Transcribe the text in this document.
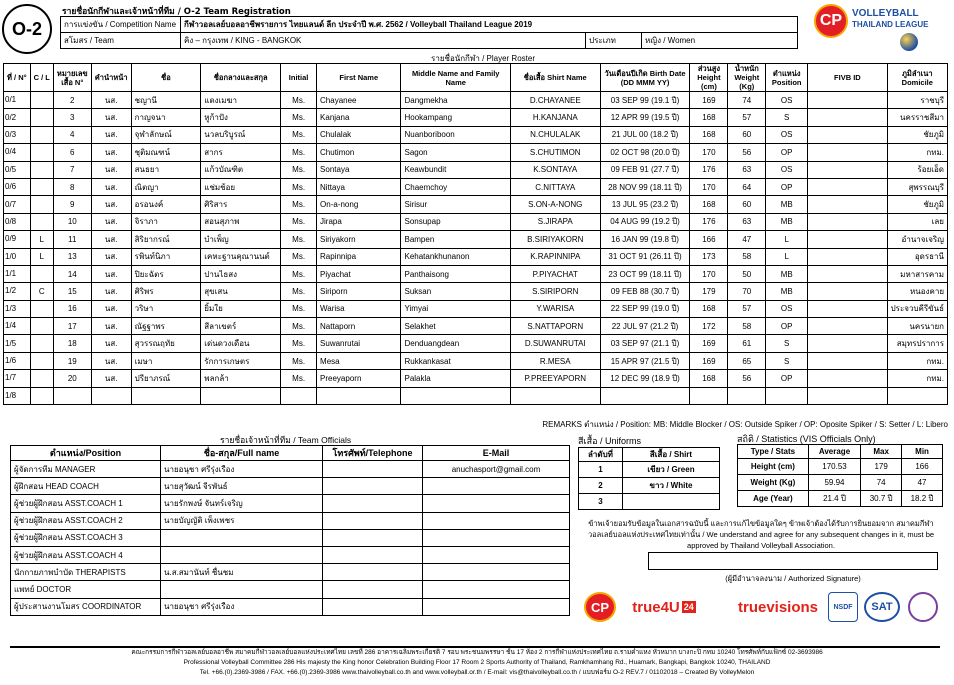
O-2
รายชื่อนักกีฬาและเจ้าหน้าที่ทีม / O-2 Team Registration
การแข่งขัน / Competition Name	กีฬาวอลเลย์บอลอาชีพรายการ ไทยแลนด์ ลีก ประจำปี พ.ศ. 2562 / Volleyball Thailand League 2019		
สโมสร / Team	คิง – กรุงเทพ / KING - BANGKOK	ประเภท	หญิง / Women
CP VOLLEYBALL
THAILAND LEAGUE
รายชื่อนักกีฬา / Player Roster
ที่ / N°	C / L	หมายเลขเสื้อ N°	คำนำหน้า	ชื่อ	ชื่อกลางและสกุล	Initial	First Name	Middle Name and Family Name	ชื่อเสื้อ Shirt Name	วันเดือนปีเกิด Birth Date (DD MMM YY)	ส่วนสูง Height (cm)	น้ำหนัก Weight (Kg)	ตำแหน่ง Position	FIVB ID	ภูมิลำเนา Domicile
0/1		2	นส.	ชญานี	แดงเมฆา	Ms.	Chayanee	Dangmekha	D.CHAYANEE	03 SEP 99 (19.1 ปี)	169	74	OS		ราชบุรี
0/2		3	นส.	กาญจนา	หูก้าปัง	Ms.	Kanjana	Hookampang	H.KANJANA	12 APR 99 (19.5 ปี)	168	57	S		นครราชสีมา
0/3		4	นส.	จุฬาลักษณ์	นวลบริบูรณ์	Ms.	Chulalak	Nuanboriboon	N.CHULALAK	21 JUL 00 (18.2 ปี)	168	60	OS		ชัยภูมิ
0/4		6	นส.	ชุติมณฑน์	สากร	Ms.	Chutimon	Sagon	S.CHUTIMON	02 OCT 98 (20.0 ปี)	170	56	OP		กทม.
0/5		7	นส.	สนธยา	แก้วบัณฑิต	Ms.	Sontaya	Keawbundit	K.SONTAYA	09 FEB 91 (27.7 ปี)	176	63	OS		ร้อยเอ็ด
0/6		8	นส.	ณิตญา	แช่มช้อย	Ms.	Nittaya	Chaemchoy	C.NITTAYA	28 NOV 99 (18.11 ปี)	170	64	OP		สุพรรณบุรี
0/7		9	นส.	อรอนงค์	ศิริสาร	Ms.	On-a-nong	Sirisur	S.ON-A-NONG	13 JUL 95 (23.2 ปี)	168	60	MB		ชัยภูมิ
0/8		10	นส.	จิราภา	สอนสุภาพ	Ms.	Jirapa	Sonsupap	S.JIRAPA	04 AUG 99 (19.2 ปี)	176	63	MB		เลย
0/9	L	11	นส.	สิริยากรณ์	บำเพ็ญ	Ms.	Siriyakorn	Bampen	B.SIRIYAKORN	16 JAN 99 (19.8 ปี)	166	47	L		อำนาจเจริญ
1/0	L	13	นส.	รพินท์นิภา	เคหะฐานคุณานนต์	Ms.	Rapinnipa	Kehatankhunanon	K.RAPINNIPA	31 OCT 91 (26.11 ปี)	173	58	L		อุดรธานี
1/1		14	นส.	ปิยะฉัตร	ปานไธสง	Ms.	Piyachat	Panthaisong	P.PIYACHAT	23 OCT 99 (18.11 ปี)	170	50	MB		มหาสารคาม
1/2	C	15	นส.	ศิริพร	สุขเสน	Ms.	Siriporn	Suksan	S.SIRIPORN	09 FEB 88 (30.7 ปี)	179	70	MB		หนองคาย
1/3		16	นส.	วริษา	ยิ้มใย	Ms.	Warisa	Yimyai	Y.WARISA	22 SEP 99 (19.0 ปี)	168	57	OS		ประจวบคีรีขันธ์
1/4		17	นส.	ณัฐฐาพร	สีลาเขตร์	Ms.	Nattaporn	Selakhet	S.NATTAPORN	22 JUL 97 (21.2 ปี)	172	58	OP		นครนายก
1/5		18	นส.	สุวรรณฤทัย	เด่นดวงเดือน	Ms.	Suwanrutai	Denduangdean	D.SUWANRUTAI	03 SEP 97 (21.1 ปี)	169	61	S		สมุทรปราการ
1/6		19	นส.	เมษา	รักการเกษตร	Ms.	Mesa	Rukkankasat	R.MESA	15 APR 97 (21.5 ปี)	169	65	S		กทม.
1/7		20	นส.	ปรียาภรณ์	พลกล้า	Ms.	Preeyaporn	Palakla	P.PREEYAPORN	12 DEC 99 (18.9 ปี)	168	56	OP		กทม.
1/8															
REMARKS ตำแหน่ง / Position: MB: Middle Blocker / OS: Outside Spiker / OP: Oposite Spiker / S: Setter / L: Libero
รายชื่อเจ้าหน้าที่ทีม / Team Officials
ตำแหน่ง/Position	ชื่อ-สกุล/Full name	โทรศัพท์/Telephone	E-Mail
ผู้จัดการทีม MANAGER	นายอนุชา ศรีรุ่งเรือง		anuchasport@gmail.com
ผู้ฝึกสอน HEAD COACH	นายสุวัฒน์ จีรพันธ์		
ผู้ช่วยผู้ฝึกสอน ASST.COACH 1	นายรักพงษ์ จันทร์เจริญ		
ผู้ช่วยผู้ฝึกสอน ASST.COACH 2	นายบัญญัติ เพ็งเพชร		
ผู้ช่วยผู้ฝึกสอน ASST.COACH 3			
ผู้ช่วยผู้ฝึกสอน ASST.COACH 4			
นักกายภาพบำบัด THERAPISTS	น.ส.สมานันท์ ชื่นชม		
แพทย์ DOCTOR			
ผู้ประสานงานโมสร COORDINATOR	นายอนุชา ศรีรุ่งเรือง		
สีเสื้อ / Uniforms
ลำดับที่	สีเสื้อ / Shirt
1	เขียว / Green
2	ขาว / White
3	
สถิติ / Statistics (VIS Officials Only)
Type / Stats	Average	Max	Min
Height (cm)	170.53	179	166
Weight (Kg)	59.94	74	47
Age (Year)	21.4 ปี	30.7 ปี	18.2 ปี
ข้าพเจ้ายอมรับข้อมูลในเอกสารฉบับนี้ และการแก้ไขข้อมูลใดๆ ข้าพเจ้าต้องได้รับการยินยอมจาก สมาคมกีฬาวอลเลย์บอลแห่งประเทศไทยเท่านั้น / We understand and agree for any subsequent changes in it, must be approved by Thailand Volleyball Association.
(ผู้มีอำนาจลงนาม / Authorized Signature)
CP	true4U 24	truevisions	NSDF	SAT
คณะกรรมการกีฬาวอลเลย์บอลอาชีพ สมาคมกีฬาวอลเลย์บอลแห่งประเทศไทย เลขที่ 286 อาคารเฉลิมพระเกียรติ 7 รอบ พระชนมพรรษา ชั้น 17 ห้อง 2 การกีฬาแห่งประเทศไทย ถ.รามคำแหง หัวหมาก บางกะปิ กทม 10240 โทรศัพท์กับแฟ็กซ์ 02-3693986
Professional Volleyball Committee 286 His majesty the King honor Celebration Building Floor 17 Room 2 Sports Authority of Thailand, Ramkhamhang Rd., Huamark, Bangkapi, Bangkok 10240, THAILAND
Tel. +66.(0).2369-3986 / FAX. +66.(0).2369-3986 www.thaivolleyball.co.th and www.volleyball.or.th / E-mail: vis@thaivolleyball.co.th / แบบฟอร์ม O-2 REV.7 / 01102018 – Created By VolleyMelon
